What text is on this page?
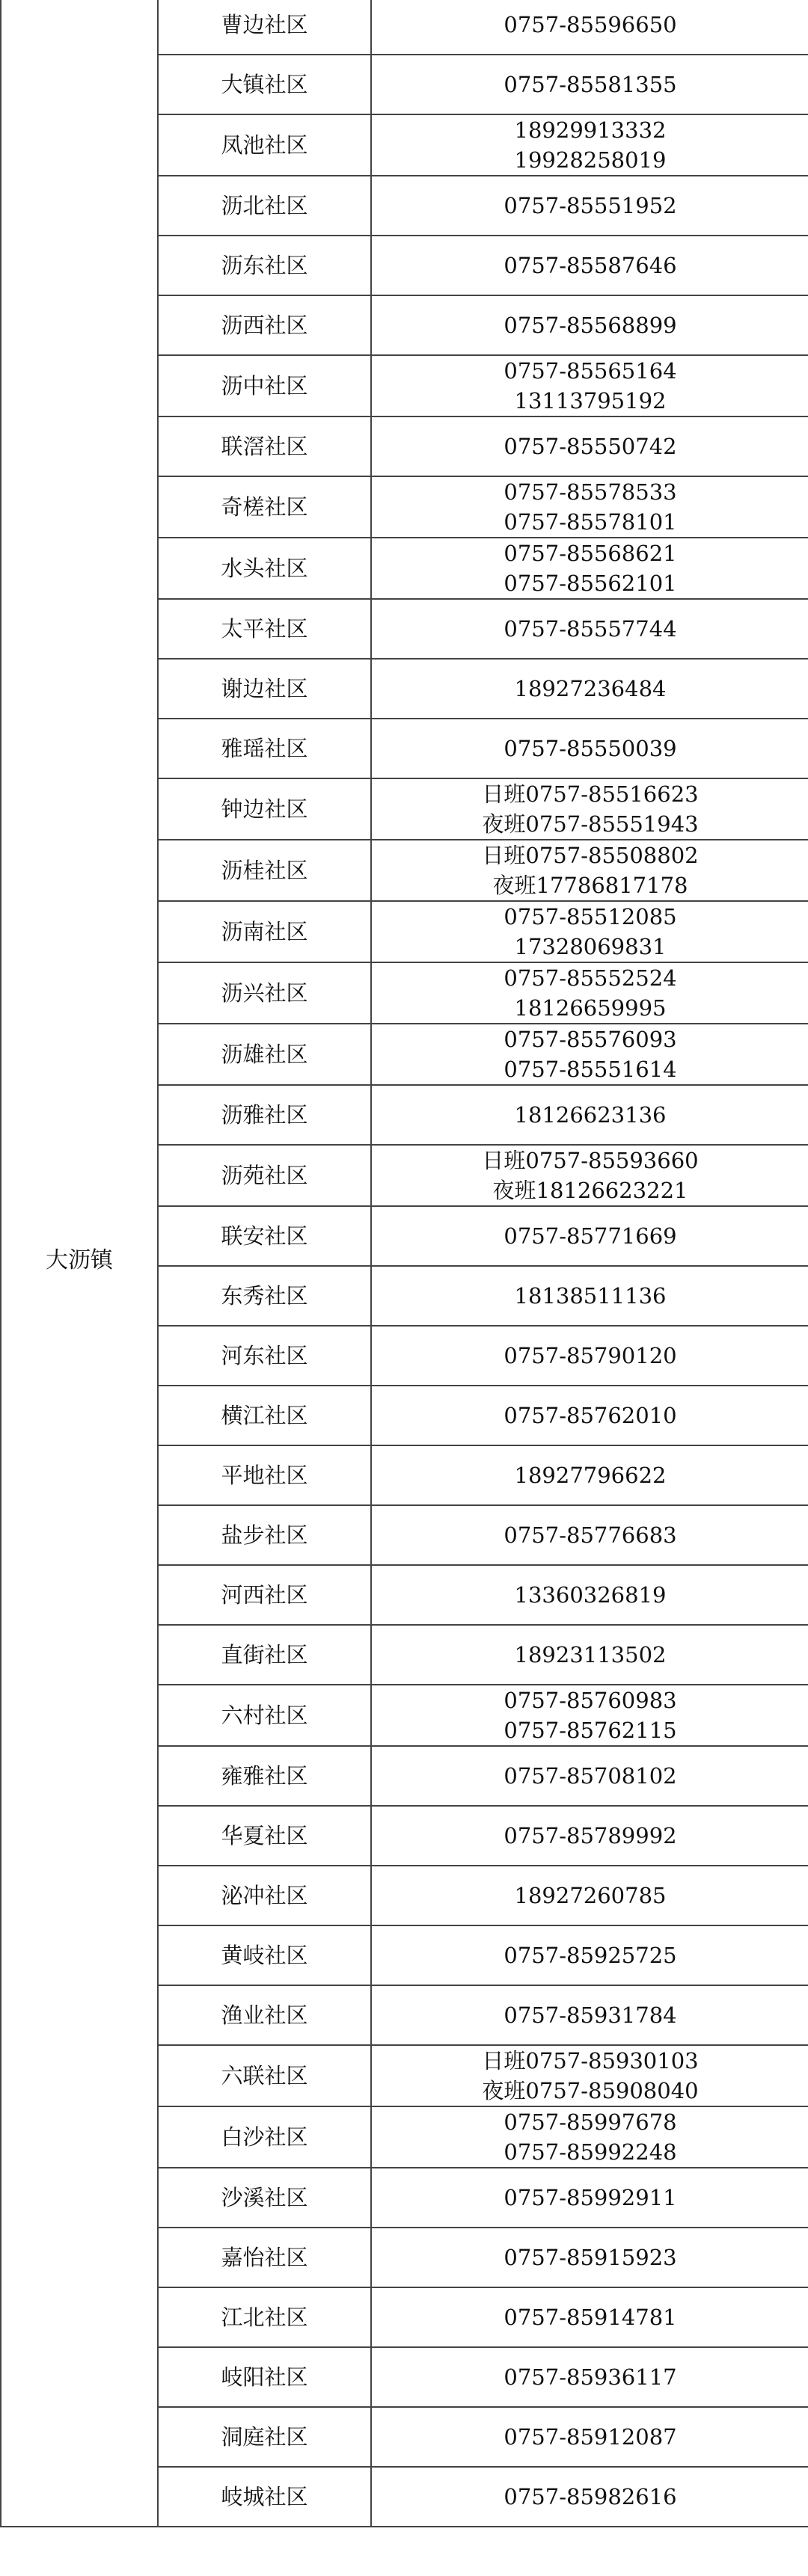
大沥镇	曹边社区	0757-85596650

	大镇社区	0757-85581355

	凤池社区	18929913332
19928258019

	沥北社区	0757-85551952

	沥东社区	0757-85587646

	沥西社区	0757-85568899

	沥中社区	0757-85565164
13113795192

	联滘社区	0757-85550742

	奇槎社区	0757-85578533
0757-85578101

	水头社区	0757-85568621
0757-85562101

	太平社区	0757-85557744

	谢边社区	18927236484

	雅瑶社区	0757-85550039

	钟边社区	日班0757-85516623
夜班0757-85551943

	沥桂社区	日班0757-85508802
夜班17786817178

	沥南社区	0757-85512085
17328069831

	沥兴社区	0757-85552524
18126659995

	沥雄社区	0757-85576093
0757-85551614

	沥雅社区	18126623136

	沥苑社区	日班0757-85593660
夜班18126623221

	联安社区	0757-85771669

	东秀社区	18138511136

	河东社区	0757-85790120

	横江社区	0757-85762010

	平地社区	18927796622

	盐步社区	0757-85776683

	河西社区	13360326819

	直街社区	18923113502

	六村社区	0757-85760983
0757-85762115

	雍雅社区	0757-85708102

	华夏社区	0757-85789992

	泌冲社区	18927260785

	黄岐社区	0757-85925725

	渔业社区	0757-85931784

	六联社区	日班0757-85930103
夜班0757-85908040

	白沙社区	0757-85997678
0757-85992248

	沙溪社区	0757-85992911

	嘉怡社区	0757-85915923

	江北社区	0757-85914781

	岐阳社区	0757-85936117

	洞庭社区	0757-85912087

	岐城社区	0757-85982616
